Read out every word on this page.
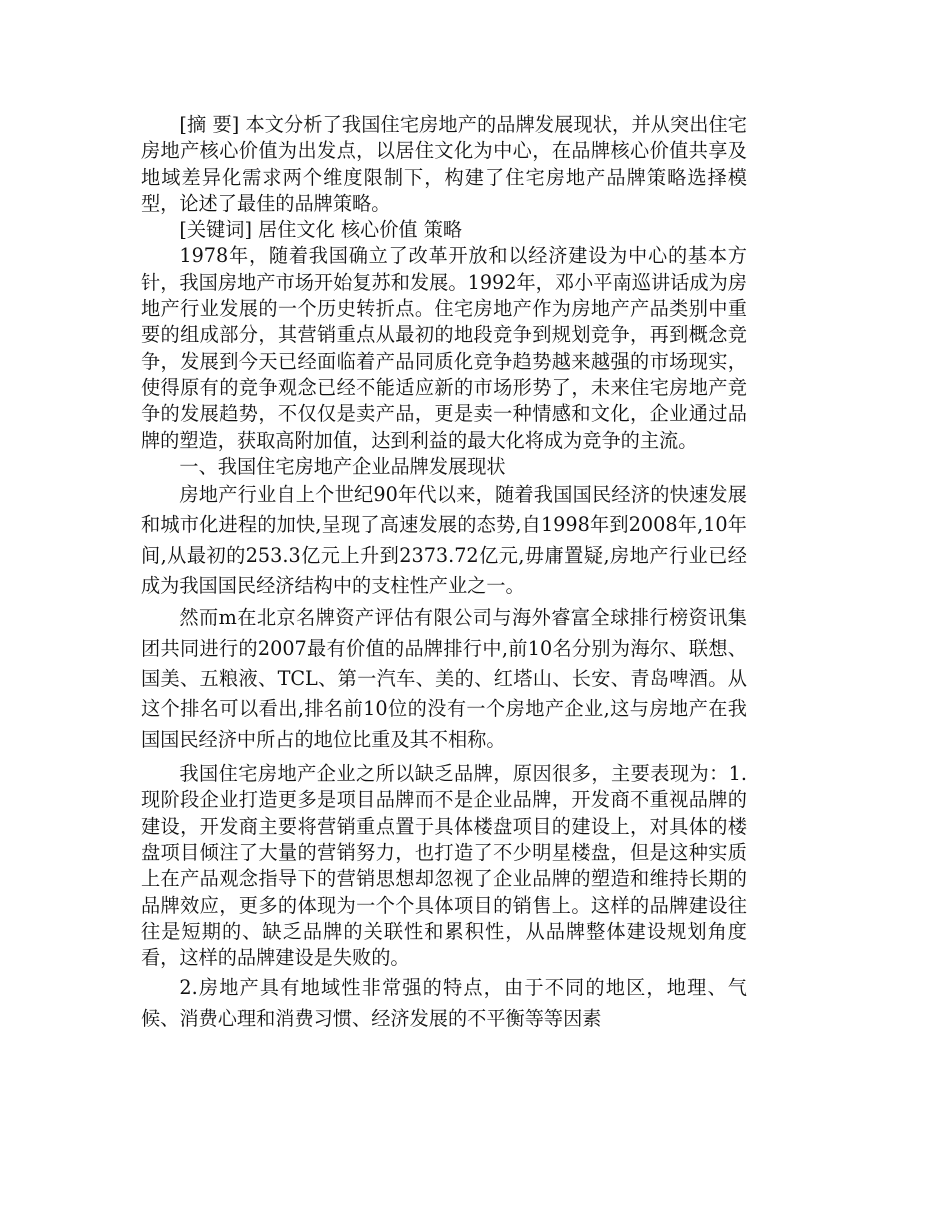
[摘 要] 本文分析了我国住宅房地产的品牌发展现状，并从突出住宅房地产核心价值为出发点，以居住文化为中心，在品牌核心价值共享及地域差异化需求两个维度限制下，构建了住宅房地产品牌策略选择模型，论述了最佳的品牌策略。

[关键词] 居住文化 核心价值 策略

1978年，随着我国确立了改革开放和以经济建设为中心的基本方针，我国房地产市场开始复苏和发展。1992年，邓小平南巡讲话成为房地产行业发展的一个历史转折点。住宅房地产作为房地产产品类别中重要的组成部分，其营销重点从最初的地段竞争到规划竞争，再到概念竞争，发展到今天已经面临着产品同质化竞争趋势越来越强的市场现实，使得原有的竞争观念已经不能适应新的市场形势了，未来住宅房地产竞争的发展趋势，不仅仅是卖产品，更是卖一种情感和文化，企业通过品牌的塑造，获取高附加值，达到利益的最大化将成为竞争的主流。

一、我国住宅房地产企业品牌发展现状

房地产行业自上个世纪90年代以来，随着我国国民经济的快速发展和城市化进程的加快,呈现了高速发展的态势,自1998年到2008年,10年间,从最初的253.3亿元上升到2373.72亿元,毋庸置疑,房地产行业已经成为我国国民经济结构中的支柱性产业之一。

然而m在北京名牌资产评估有限公司与海外睿富全球排行榜资讯集团共同进行的2007最有价值的品牌排行中,前10名分别为海尔、联想、国美、五粮液、TCL、第一汽车、美的、红塔山、长安、青岛啤酒。从这个排名可以看出,排名前10位的没有一个房地产企业,这与房地产在我国国民经济中所占的地位比重及其不相称。

我国住宅房地产企业之所以缺乏品牌，原因很多，主要表现为：1.现阶段企业打造更多是项目品牌而不是企业品牌，开发商不重视品牌的建设，开发商主要将营销重点置于具体楼盘项目的建设上，对具体的楼盘项目倾注了大量的营销努力，也打造了不少明星楼盘，但是这种实质上在产品观念指导下的营销思想却忽视了企业品牌的塑造和维持长期的品牌效应，更多的体现为一个个具体项目的销售上。这样的品牌建设往往是短期的、缺乏品牌的关联性和累积性，从品牌整体建设规划角度看，这样的品牌建设是失败的。

2.房地产具有地域性非常强的特点，由于不同的地区，地理、气候、消费心理和消费习惯、经济发展的不平衡等等因素
